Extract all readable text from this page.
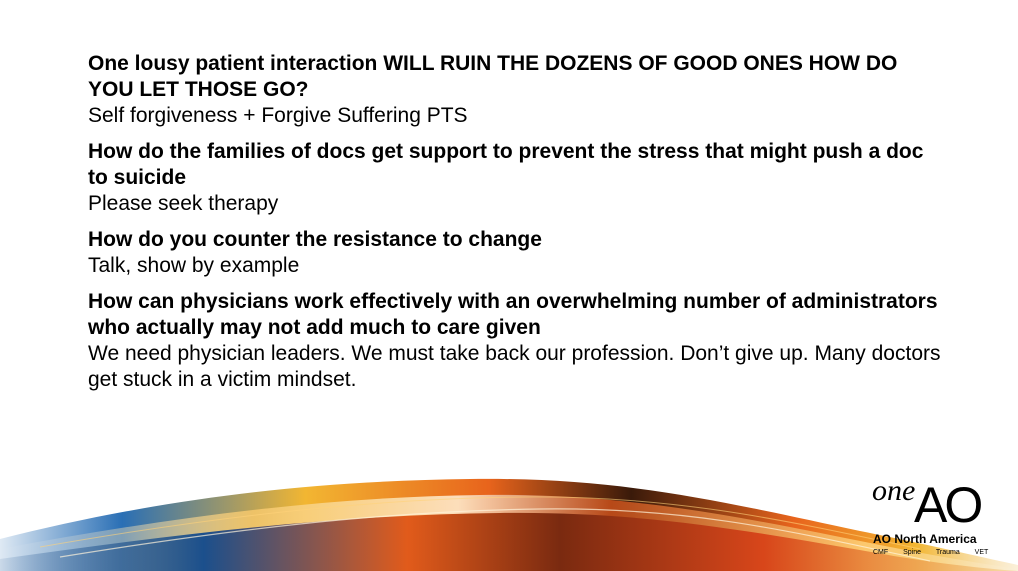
One lousy patient interaction WILL RUIN THE DOZENS OF GOOD ONES HOW DO YOU LET THOSE GO?

Self forgiveness + Forgive Suffering PTS

How do the families of docs get support to prevent the stress that might push a doc to suicide

Please seek therapy

How do you counter the resistance to change

Talk, show by example

How can physicians work effectively with an overwhelming number of administrators who actually may not add much to care given

We need physician leaders. We must take back our profession. Don’t give up. Many doctors get stuck in a victim mindset.

one
AO
AO North America
CMF Spine Trauma VET
